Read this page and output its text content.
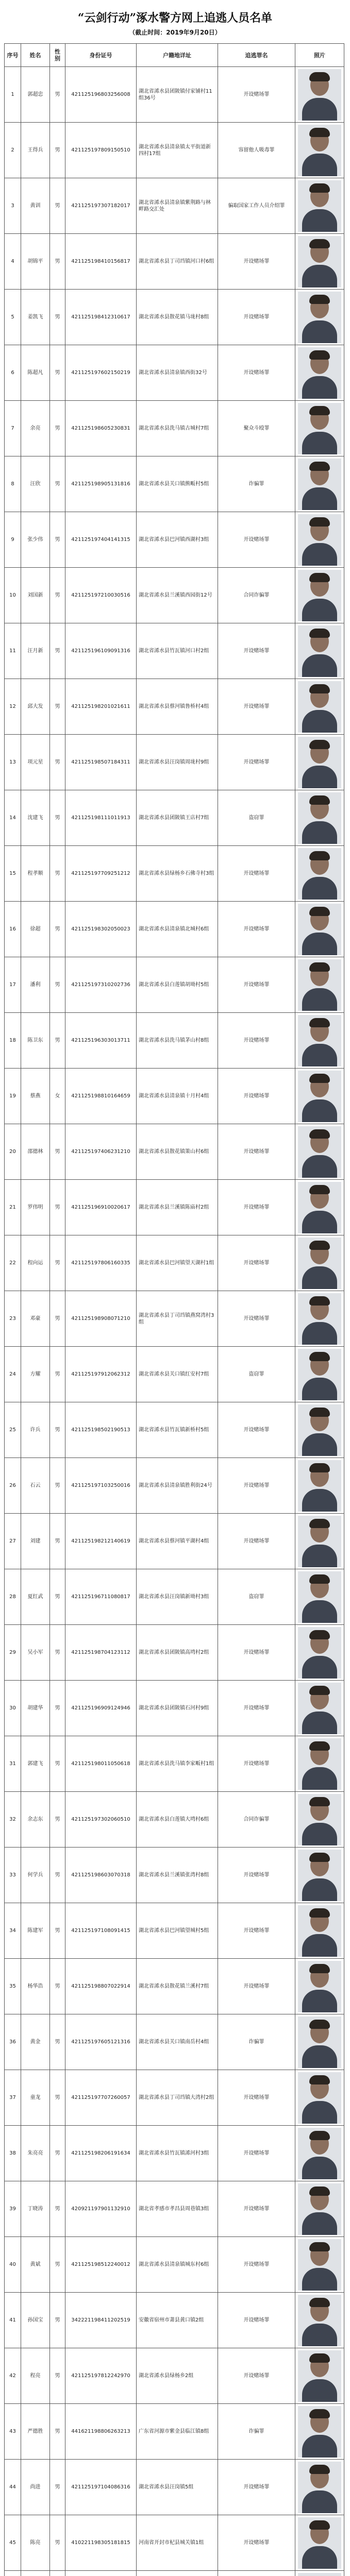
“云剑行动”涿水警方网上追逃人员名单
（截止时间：2019年9月20日）
序号	姓名	性别	身份证号	户籍地详址	追逃罪名	照片
1	郭超忠	男	421125196803256008	湖北省浠水县团陂镇付家铺村11组36号	开设赌场罪	

2	王得兵	男	421125197809150510	湖北省浠水县清泉镇太平街道新四村17组	容留他人吸毒罪	

3	黄训	男	421125197307182017	湖北省浠水县清泉镇紫荆路与林畔路交汇处	骗取国家工作人员介绍罪	

4	胡锦平	男	421125198410156817	湖北省浠水县丁司垱镇河口村6组	开设赌场罪	

5	姜凯飞	男	421125198412310617	湖北省浠水县散花镇马垅村8组	开设赌场罪	

6	陈超凡	男	421125197602150219	湖北省浠水县清泉镇西街32号	开设赌场罪	

7	余亮	男	421125198605230831	湖北省浠水县洗马镇古城村7组	聚众斗殴罪	

8	汪欣	男	421125198905131816	湖北省浠水县关口镇熊畈村5组	诈骗罪	

9	张少伟	男	421125197404141315	湖北省浠水县巴河镇西湖村3组	开设赌场罪	

10	刘国新	男	421125197210030516	湖北省浠水县兰溪镇西园街12号	合同诈骗罪	

11	汪月新	男	421125196109091316	湖北省浠水县竹瓦镇河口村2组	开设赌场罪	

12	邱大发	男	421125198201021611	湖北省浠水县蔡河镇鲁桥村4组	开设赌场罪	

13	项元星	男	421125198507184311	湖北省浠水县汪岗镇周垅村9组	开设赌场罪	

14	沈建飞	男	421125198111011913	湖北省浠水县团陂镇王店村7组	盗窃罪	

15	程孝顺	男	421125197709251212	湖北省浠水县绿杨乡石佛寺村3组	开设赌场罪	

16	徐超	男	421125198302050023	湖北省浠水县清泉镇北城村6组	开设赌场罪	

17	潘利	男	421125197310202736	湖北省浠水县白莲镇胡坳村5组	开设赌场罪	

18	陈卫东	男	421125196303013711	湖北省浠水县洗马镇茅山村8组	开设赌场罪	

19	蔡燕	女	421125198810164659	湖北省浠水县清泉镇十月村4组	开设赌场罪	

20	邵德林	男	421125197406231210	湖北省浠水县散花镇策山村6组	开设赌场罪	

21	罗伟明	男	421125196910020617	湖北省浠水县兰溪镇陈庙村2组	开设赌场罪	

22	程向运	男	421125197806160335	湖北省浠水县巴河镇望天湖村1组	开设赌场罪	

23	邓豪	男	421125198908071210	湖北省浠水县丁司垱镇燕窝湾村3组	开设赌场罪	

24	方耀	男	421125197912062312	湖北省浠水县关口镇红安村7组	盗窃罪	

25	许兵	男	421125198502190513	湖北省浠水县竹瓦镇新桥村5组	开设赌场罪	

26	石云	男	421125197103250016	湖北省浠水县清泉镇胜利街24号	开设赌场罪	

27	刘建	男	421125198212140619	湖北省浠水县蔡河镇平湖村4组	开设赌场罪	

28	夏红武	男	421125196711080817	湖北省浠水县汪岗镇新坳村3组	盗窃罪	

29	吴小军	男	421125198704123112	湖北省浠水县团陂镇高塆村2组	开设赌场罪	

30	胡建华	男	421125196909124946	湖北省浠水县团陂镇石河村9组	开设赌场罪	

31	郭建飞	男	421125198011050618	湖北省浠水县洗马镇李家畈村1组	开设赌场罪	

32	余志东	男	421125197302060510	湖北省浠水县白莲镇大塆村6组	合同诈骗罪	

33	何学兵	男	421125198603070318	湖北省浠水县兰溪镇张湾村8组	开设赌场罪	

34	陈建军	男	421125197108091415	湖北省浠水县巴河镇望城村5组	开设赌场罪	

35	杨华浩	男	421125198807022914	湖北省浠水县散花镇兰溪村7组	开设赌场罪	

36	黄金	男	421125197605121316	湖北省浠水县关口镇南岳村4组	诈骗罪	

37	童龙	男	421125197707260057	湖北省浠水县丁司垱镇大湾村2组	开设赌场罪	

38	朱亮亮	男	421125198206191634	湖北省浠水县竹瓦镇浠河村3组	开设赌场罪	

39	丁晓涛	男	420921197901132910	湖北省孝感市孝昌县周巷镇3组	开设赌场罪	

40	黄斌	男	421125198512240012	湖北省浠水县清泉镇城东村6组	开设赌场罪	

41	孙国宝	男	342221198411202519	安徽省宿州市萧县黄口镇2组	开设赌场罪	

42	程亮	男	421125197812242970	湖北省浠水县绿杨乡2组	开设赌场罪	

43	严德胜	男	441621198806263213	广东省河源市紫金县临江镇8组	诈骗罪	

44	尚进	男	421125197104086316	湖北省浠水县汪岗镇5组	开设赌场罪	

45	陈亮	男	410221198305181815	河南省开封市杞县城关镇1组	开设赌场罪	
